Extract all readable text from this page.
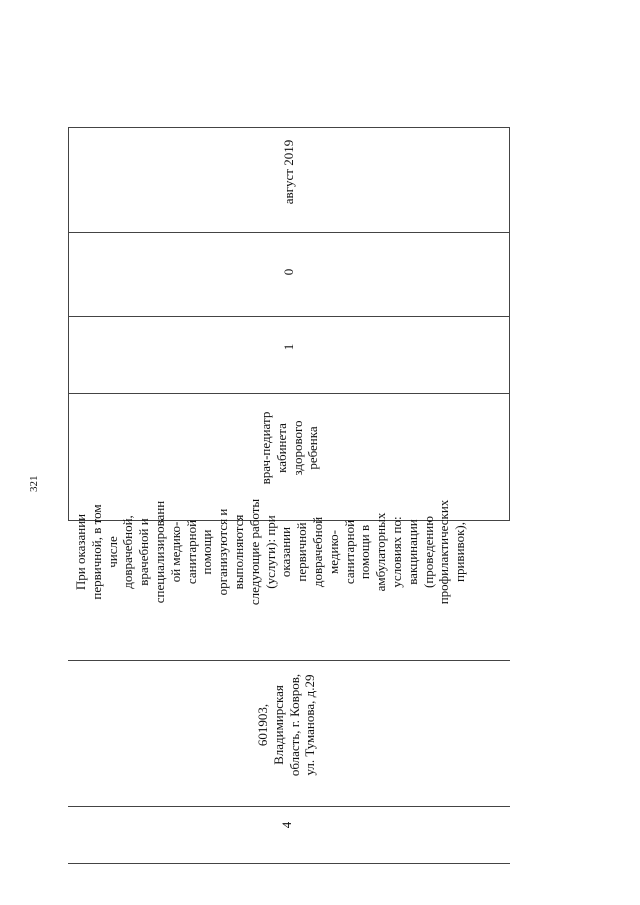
321
4
601903,
Владимирская
область, г. Ковров,
ул. Туманова, д.29
При оказании
первичной, в том
числе
доврачебной,
врачебной и
специализированн
ой медико-
санитарной
помощи
организуются и
выполняются
следующие работы
(услуги): при
оказании
первичной
доврачебной
медико-
санитарной
помощи в
амбулаторных
условиях по:
вакцинации
(проведению
профилактических
прививок),
врач-педиатр
кабинета
здорового
ребенка
1
0
август 2019
